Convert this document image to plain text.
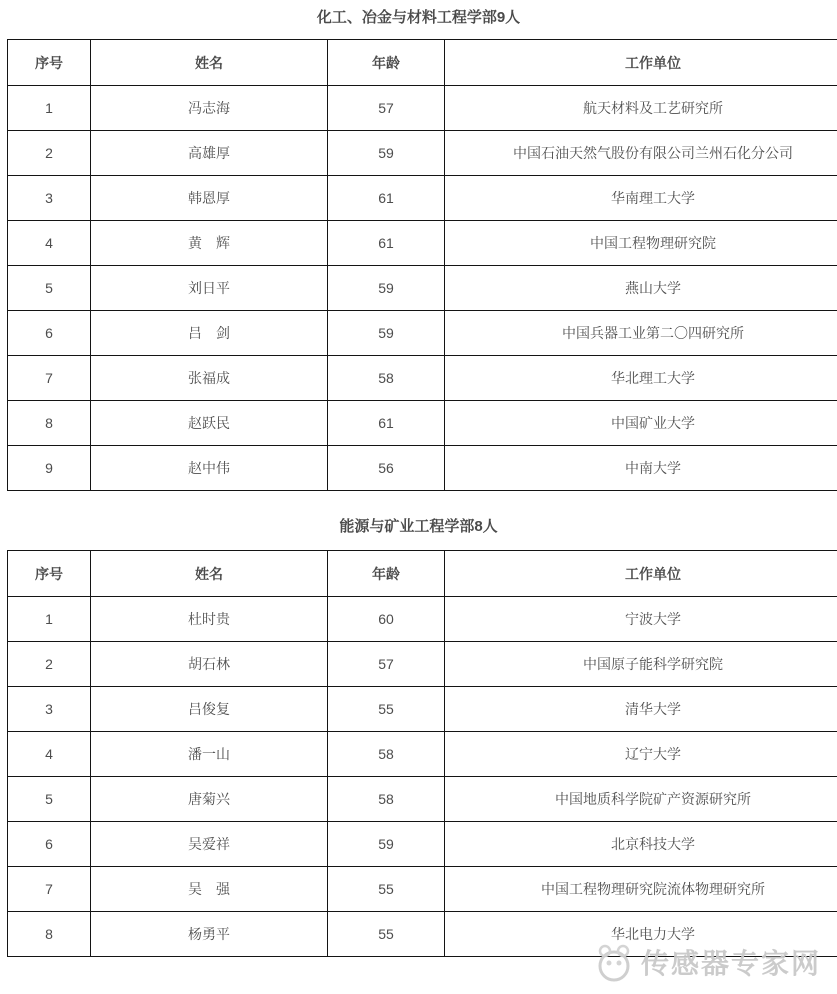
化工、冶金与材料工程学部9人
序号	姓名	年龄	工作单位
1	冯志海	57	航天材料及工艺研究所
2	高雄厚	59	中国石油天然气股份有限公司兰州石化分公司
3	韩恩厚	61	华南理工大学
4	黄　辉	61	中国工程物理研究院
5	刘日平	59	燕山大学
6	吕　剑	59	中国兵器工业第二〇四研究所
7	张福成	58	华北理工大学
8	赵跃民	61	中国矿业大学
9	赵中伟	56	中南大学
能源与矿业工程学部8人
序号	姓名	年龄	工作单位
1	杜时贵	60	宁波大学
2	胡石林	57	中国原子能科学研究院
3	吕俊复	55	清华大学
4	潘一山	58	辽宁大学
5	唐菊兴	58	中国地质科学院矿产资源研究所
6	吴爱祥	59	北京科技大学
7	吴　强	55	中国工程物理研究院流体物理研究所
8	杨勇平	55	华北电力大学
传感器专家网
